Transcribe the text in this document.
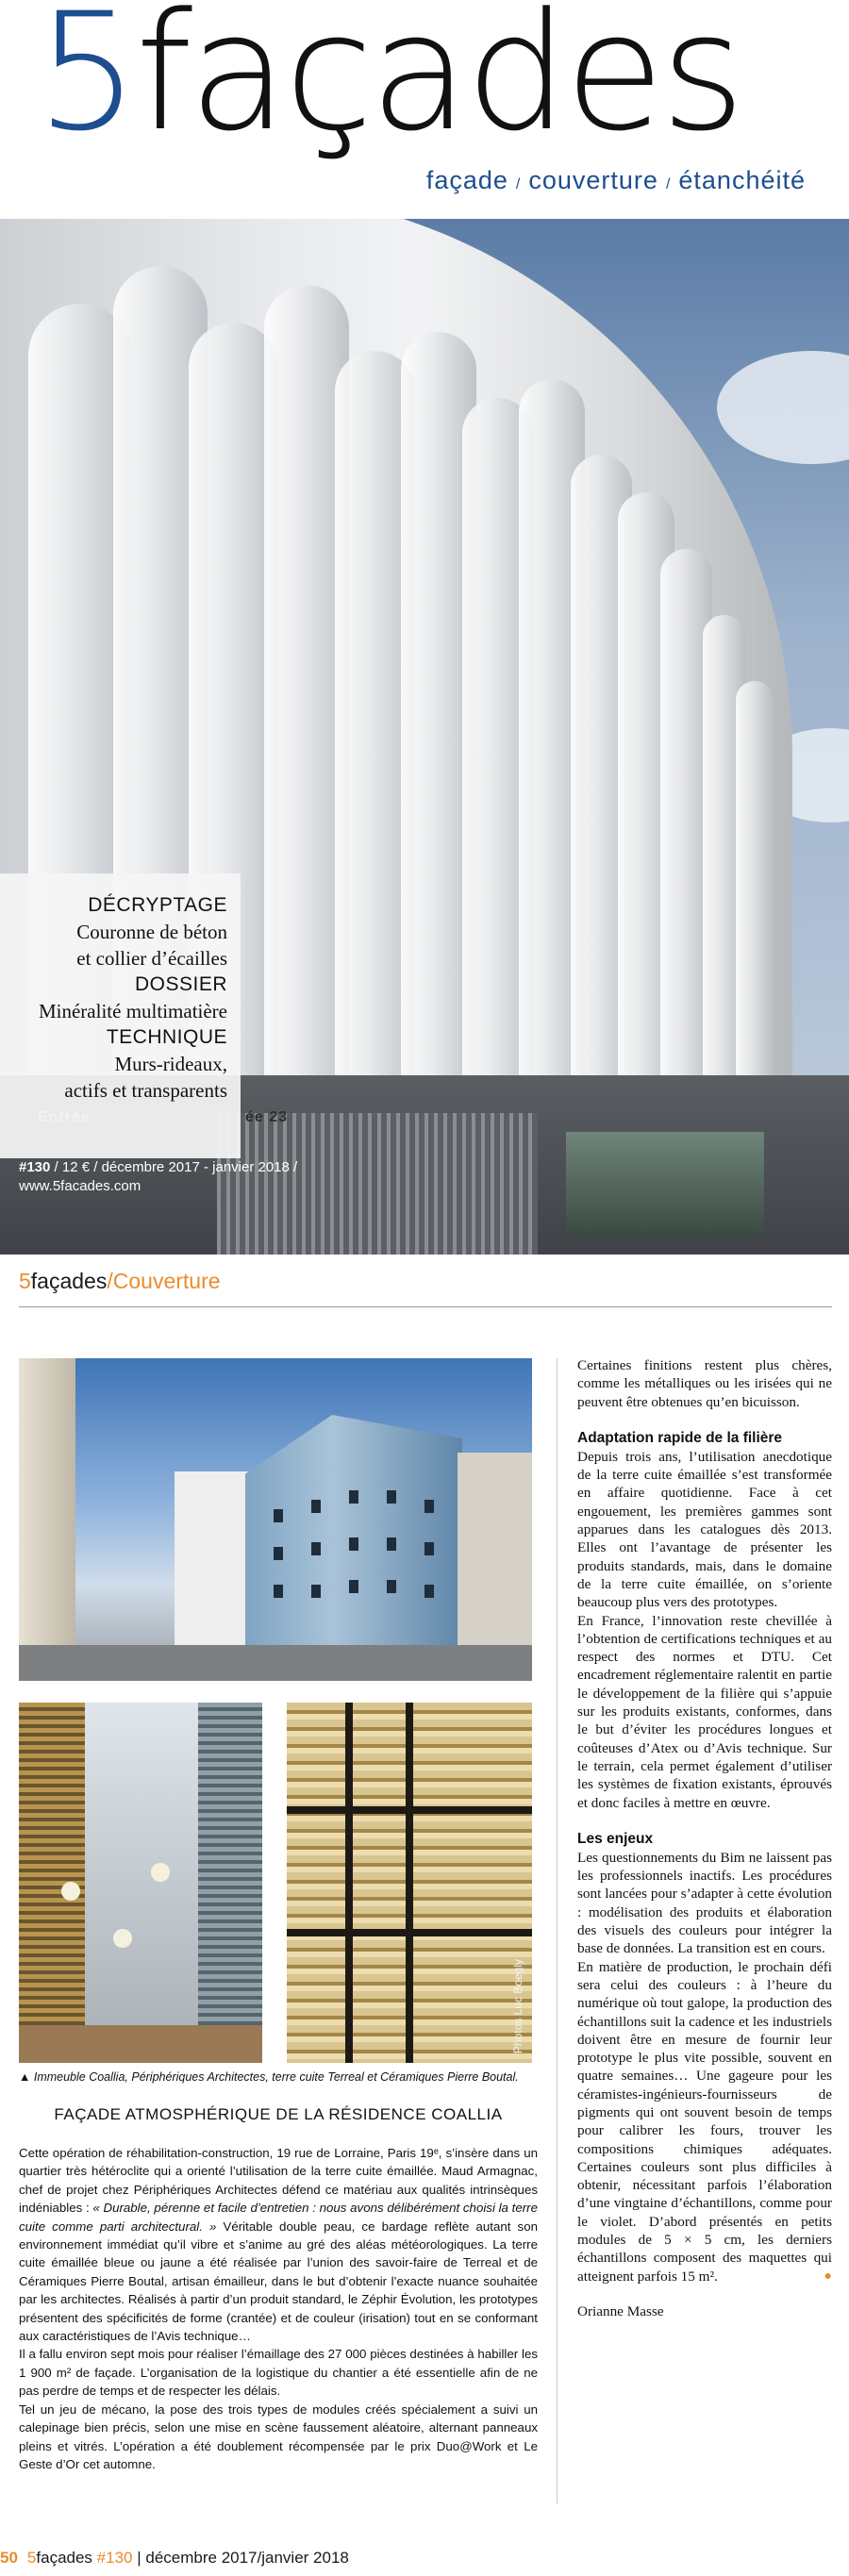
5façades
façade / couverture / étanchéité
ée 23
DÉCRYPTAGE
Couronne de béton
et collier d’écailles
DOSSIER
Minéralité multimatière
TECHNIQUE
Murs-rideaux,
actifs et transparents
#130 / 12 € / décembre 2017 - janvier 2018 /
www.5facades.com
5façades/Couverture
Photos Luc Boegly
▲ Immeuble Coallia, Périphériques Architectes, terre cuite Terreal et Céramiques Pierre Boutal.
FAÇADE ATMOSPHÉRIQUE DE LA RÉSIDENCE COALLIA

Cette opération de réhabilitation-construction, 19 rue de Lorraine, Paris 19ᵉ, s’insère dans un quartier très hétéroclite qui a orienté l’utilisation de la terre cuite émaillée. Maud Armagnac, chef de projet chez Périphériques Architectes défend ce matériau aux qualités intrinsèques indéniables : « Durable, pérenne et facile d’entretien : nous avons délibérément choisi la terre cuite comme parti architectural. » Véritable double peau, ce bardage reflète autant son environnement immédiat qu’il vibre et s’anime au gré des aléas météorologiques. La terre cuite émaillée bleue ou jaune a été réalisée par l’union des savoir-faire de Terreal et de Céramiques Pierre Boutal, artisan émailleur, dans le but d’obtenir l’exacte nuance souhaitée par les architectes. Réalisés à partir d’un produit standard, le Zéphir Évolution, les prototypes présentent des spécificités de forme (crantée) et de couleur (irisation) tout en se conformant aux caractéristiques de l’Avis technique…

Il a fallu environ sept mois pour réaliser l’émaillage des 27 000 pièces destinées à habiller les 1 900 m² de façade. L’organisation de la logistique du chantier a été essentielle afin de ne pas perdre de temps et de respecter les délais.

Tel un jeu de mécano, la pose des trois types de modules créés spécialement a suivi un calepinage bien précis, selon une mise en scène faussement aléatoire, alternant panneaux pleins et vitrés. L’opération a été doublement récompensée par le prix Duo@Work et Le Geste d’Or cet automne.

Certaines finitions restent plus chères, comme les métalliques ou les irisées qui ne peuvent être obtenues qu’en bicuisson.

Adaptation rapide de la filière

Depuis trois ans, l’utilisation anecdotique de la terre cuite émaillée s’est transformée en affaire quotidienne. Face à cet engouement, les premières gammes sont apparues dans les catalogues dès 2013. Elles ont l’avantage de présenter les produits standards, mais, dans le domaine de la terre cuite émaillée, on s’oriente beaucoup plus vers des prototypes.

En France, l’innovation reste chevillée à l’obtention de certifications techniques et au respect des normes et DTU. Cet encadrement réglementaire ralentit en partie le développement de la filière qui s’appuie sur les produits existants, conformes, dans le but d’éviter les procédures longues et coûteuses d’Atex ou d’Avis technique. Sur le terrain, cela permet également d’utiliser les systèmes de fixation existants, éprouvés et donc faciles à mettre en œuvre.

Les enjeux

Les questionnements du Bim ne laissent pas les professionnels inactifs. Les procédures sont lancées pour s’adapter à cette évolution : modélisation des produits et élaboration des visuels des couleurs pour intégrer la base de données. La transition est en cours.

En matière de production, le prochain défi sera celui des couleurs : à l’heure du numérique où tout galope, la production des échantillons suit la cadence et les industriels doivent être en mesure de fournir leur prototype le plus vite possible, souvent en quatre semaines… Une gageure pour les céramistes-ingénieurs-fournisseurs de pigments qui ont souvent besoin de temps pour calibrer les fours, trouver les compositions chimiques adéquates. Certaines couleurs sont plus difficiles à obtenir, nécessitant parfois l’élaboration d’une vingtaine d’échantillons, comme pour le violet. D’abord présentés en petits modules de 5 × 5 cm, les derniers échantillons composent des maquettes qui atteignent parfois 15 m².	●

Orianne Masse

50 5façades #130 | décembre 2017/janvier 2018
